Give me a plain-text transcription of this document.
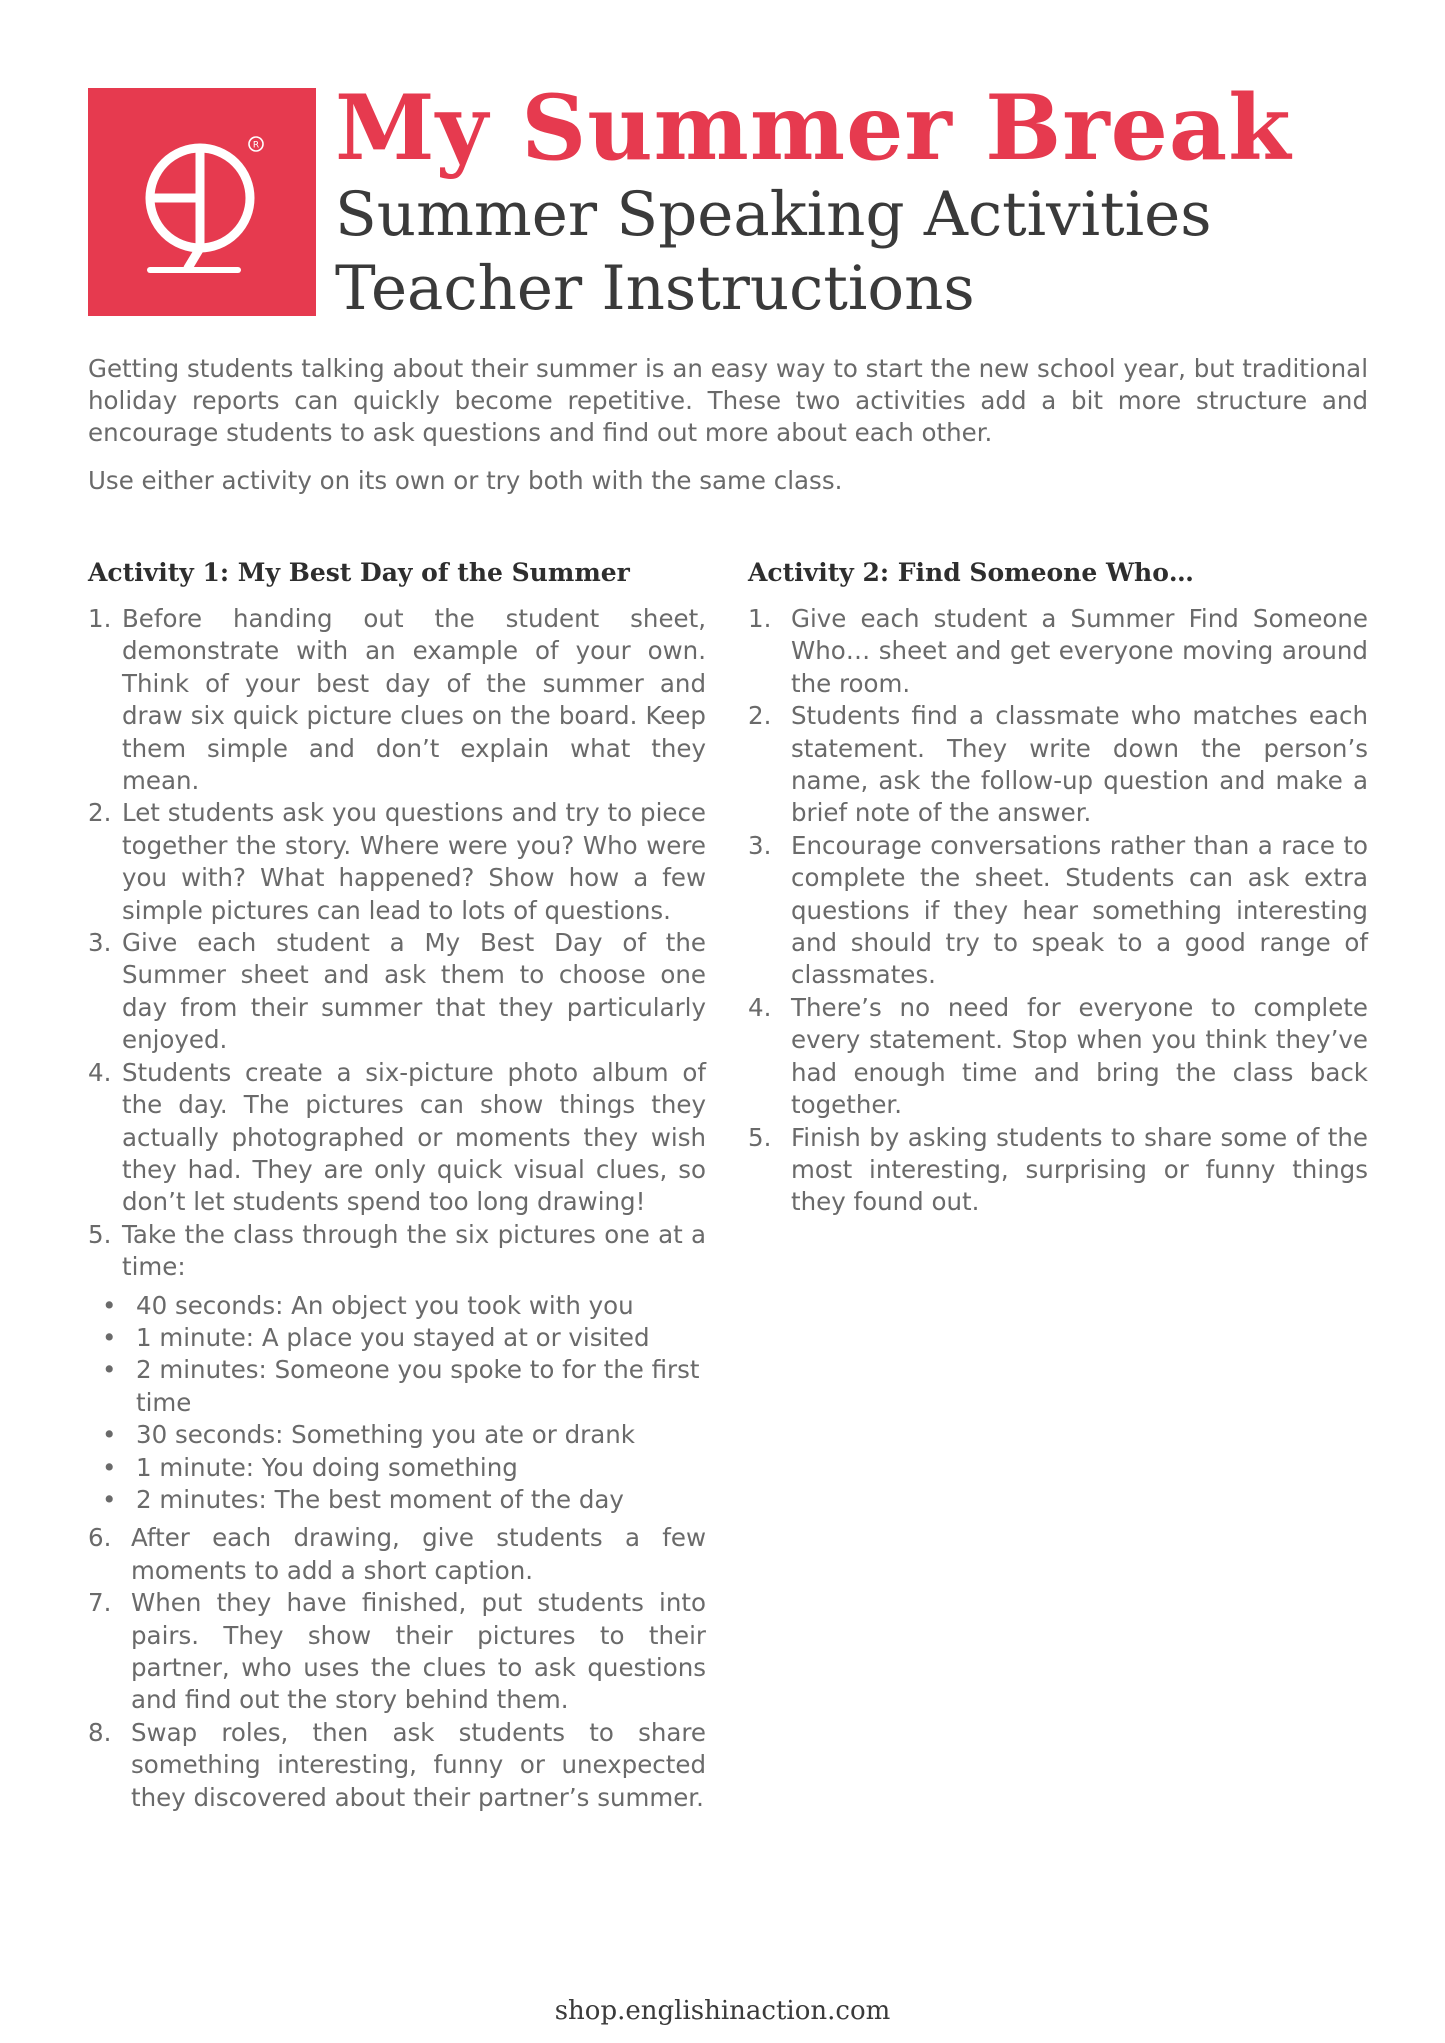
R My Summer Break
Summer Speaking Activities
Teacher Instructions

Getting students talking about their summer is an easy way to start the new school year, but traditional holiday reports can quickly become repetitive. These two activities add a bit more structure and encourage students to ask questions and find out more about each other.

Use either activity on its own or try both with the same class.

Activity 1: My Best Day of the Summer
1. Before handing out the student sheet, demonstrate with an example of your own. Think of your best day of the summer and draw six quick picture clues on the board. Keep them simple and don’t explain what they mean.
2. Let students ask you questions and try to piece together the story. Where were you? Who were you with? What happened? Show how a few simple pictures can lead to lots of questions.
3. Give each student a My Best Day of the Summer sheet and ask them to choose one day from their summer that they particularly enjoyed.
4. Students create a six-picture photo album of the day. The pictures can show things they actually photographed or moments they wish they had. They are only quick visual clues, so don’t let students spend too long drawing!
5. Take the class through the six pictures one at a time:
• 40 seconds: An object you took with you
• 1 minute: A place you stayed at or visited
• 2 minutes: Someone you spoke to for the first time
• 30 seconds: Something you ate or drank
• 1 minute: You doing something
• 2 minutes: The best moment of the day
6. After each drawing, give students a few moments to add a short caption.
7. When they have finished, put students into pairs. They show their pictures to their partner, who uses the clues to ask questions and find out the story behind them.
8. Swap roles, then ask students to share something interesting, funny or unexpected they discovered about their partner’s summer.
Activity 2: Find Someone Who…
1. Give each student a Summer Find Someone Who… sheet and get everyone moving around the room.
2. Students find a classmate who matches each statement. They write down the person’s name, ask the follow-up question and make a brief note of the answer.
3. Encourage conversations rather than a race to complete the sheet. Students can ask extra questions if they hear something interesting and should try to speak to a good range of classmates.
4. There’s no need for everyone to complete every statement. Stop when you think they’ve had enough time and bring the class back together.
5. Finish by asking students to share some of the most interesting, surprising or funny things they found out.
shop.englishinaction.com
